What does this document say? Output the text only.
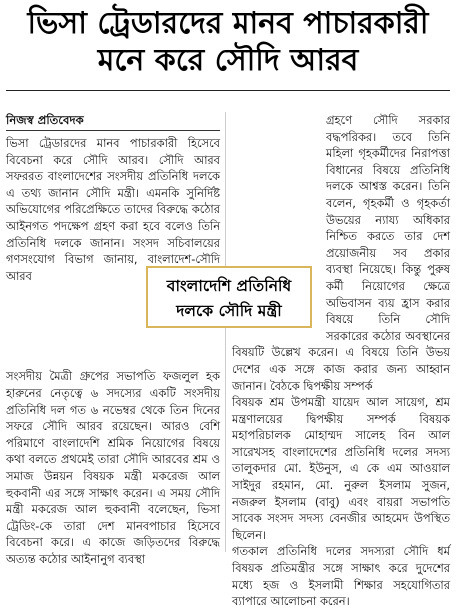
ভিসা ট্রেডারদের মানব পাচারকারী
মনে করে সৌদি আরব
নিজস্ব প্রতিবেদক

ভিসা ট্রেডারদের মানব পাচারকারী হিসেবে বিবেচনা করে সৌদি আরব। সৌদি আরব সফররত বাংলাদেশের সংসদীয় প্রতিনিধি দলকে এ তথ্য জানান সৌদি মন্ত্রী। এমনকি সুনির্দিষ্ট অভিযোগের পরিপ্রেক্ষিতে তাদের বিরুদ্ধে কঠোর আইনগত পদক্ষেপ গ্রহণ করা হবে বলেও তিনি প্রতিনিধি দলকে জানান। সংসদ সচিবালয়ের গণসংযোগ বিভাগ জানায়, বাংলাদেশ-সৌদি আরব

সংসদীয় মৈত্রী গ্রুপের সভাপতি ফজলুল হক হারুনের নেতৃত্বে ৬ সদস্যের একটি সংসদীয় প্রতিনিধি দল গত ৬ নভেম্বর থেকে তিন দিনের সফরে সৌদি আরব রয়েছেন। আরও বেশি পরিমাণে বাংলাদেশি শ্রমিক নিয়োগের বিষয়ে কথা বলতে প্রথমেই তারা সৌদি আরবের শ্রম ও সমাজ উন্নয়ন বিষয়ক মন্ত্রী মকরেজ আল হুকবানী এর সঙ্গে সাক্ষাৎ করেন। এ সময় সৌদি মন্ত্রী মকরেজ আল হুকবানী বলেছেন, ভিসা ট্রেডিং-কে তারা দেশ মানবপাচার হিসেবে বিবেচনা করে। এ কাজে জড়িতদের বিরুদ্ধে অত্যন্ত কঠোর আইনানুগ ব্যবস্থা

গ্রহণে সৌদি সরকার বদ্ধপরিকর। তবে তিনি মহিলা গৃহকর্মীদের নিরাপত্তা বিধানের বিষয়ে প্রতিনিধি দলকে আশ্বস্ত করেন। তিনি বলেন, গৃহকর্মী ও গৃহকর্তা উভয়ের ন্যায্য অধিকার নিশ্চিত করতে তার দেশ প্রয়োজনীয় সব প্রকার ব্যবস্থা নিয়েছে। কিন্তু পুরুষ কর্মী নিয়োগের ক্ষেত্রে অভিবাসন ব্যয় হ্রাস করার বিষয়ে তিনি সৌদি সরকারের কঠোর অবস্থানের বিষয়টি উল্লেখ করেন। এ বিষয়ে তিনি উভয় দেশের এক সঙ্গে কাজ করার জন্য আহ্বান জানান। বৈঠকে দ্বিপক্ষীয় সম্পর্ক

বিষয়ক শ্রম উপমন্ত্রী যায়েদ আল সায়েগ, শ্রম মন্ত্রণালয়ের দ্বিপক্ষীয় সম্পর্ক বিষয়ক মহাপরিচালক মোহাম্মদ সালেহ বিন আল সারেখসহ বাংলাদেশের প্রতিনিধি দলের সদস্য তালুকদার মো. ইউনুস, এ কে এম আওয়াল সাইদুর রহমান, মো. নুরুল ইসলাম সুজন, নজরুল ইসলাম (বাবু) এবং বায়রা সভাপতি সাবেক সংসদ সদস্য বেনজীর আহমেদ উপস্থিত ছিলেন।

গতকাল প্রতিনিধি দলের সদস্যরা সৌদি ধর্ম বিষয়ক প্রতিমন্ত্রীর সঙ্গে সাক্ষাৎ করে দুদেশের মধ্যে হজ ও ইসলামী শিক্ষার সহযোগিতার ব্যাপারে আলোচনা করেন।

বাংলাদেশি প্রতিনিধি
দলকে সৌদি মন্ত্রী
